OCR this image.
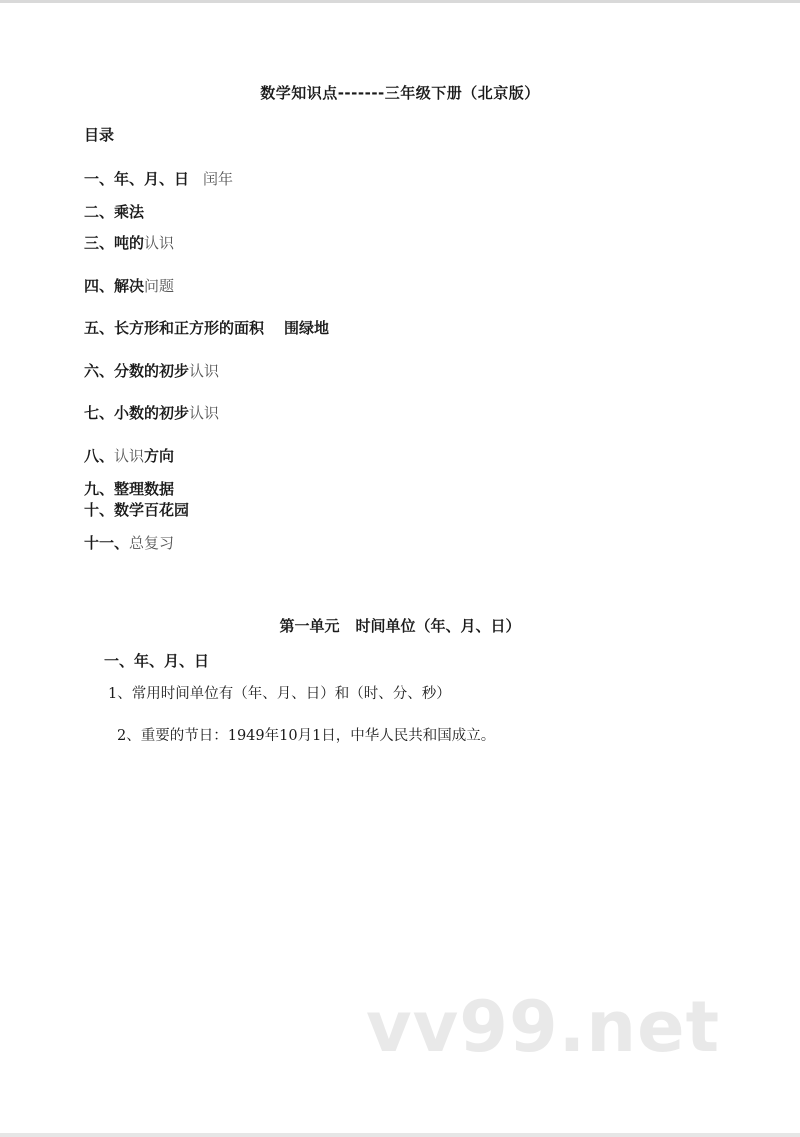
数学知识点-------三年级下册（北京版）
目录
一、年、月、日 闰年
二、乘法
三、吨的认识
四、解决问题
五、长方形和正方形的面积 围绿地
六、分数的初步认识
七、小数的初步认识
八、认识方向
九、整理数据
十、数学百花园
十一、总复习
第一单元 时间单位（年、月、日）
一、年、月、日
1、常用时间单位有（年、月、日）和（时、分、秒）
2、重要的节日：1949年10月1日，中华人民共和国成立。
vv99.net
